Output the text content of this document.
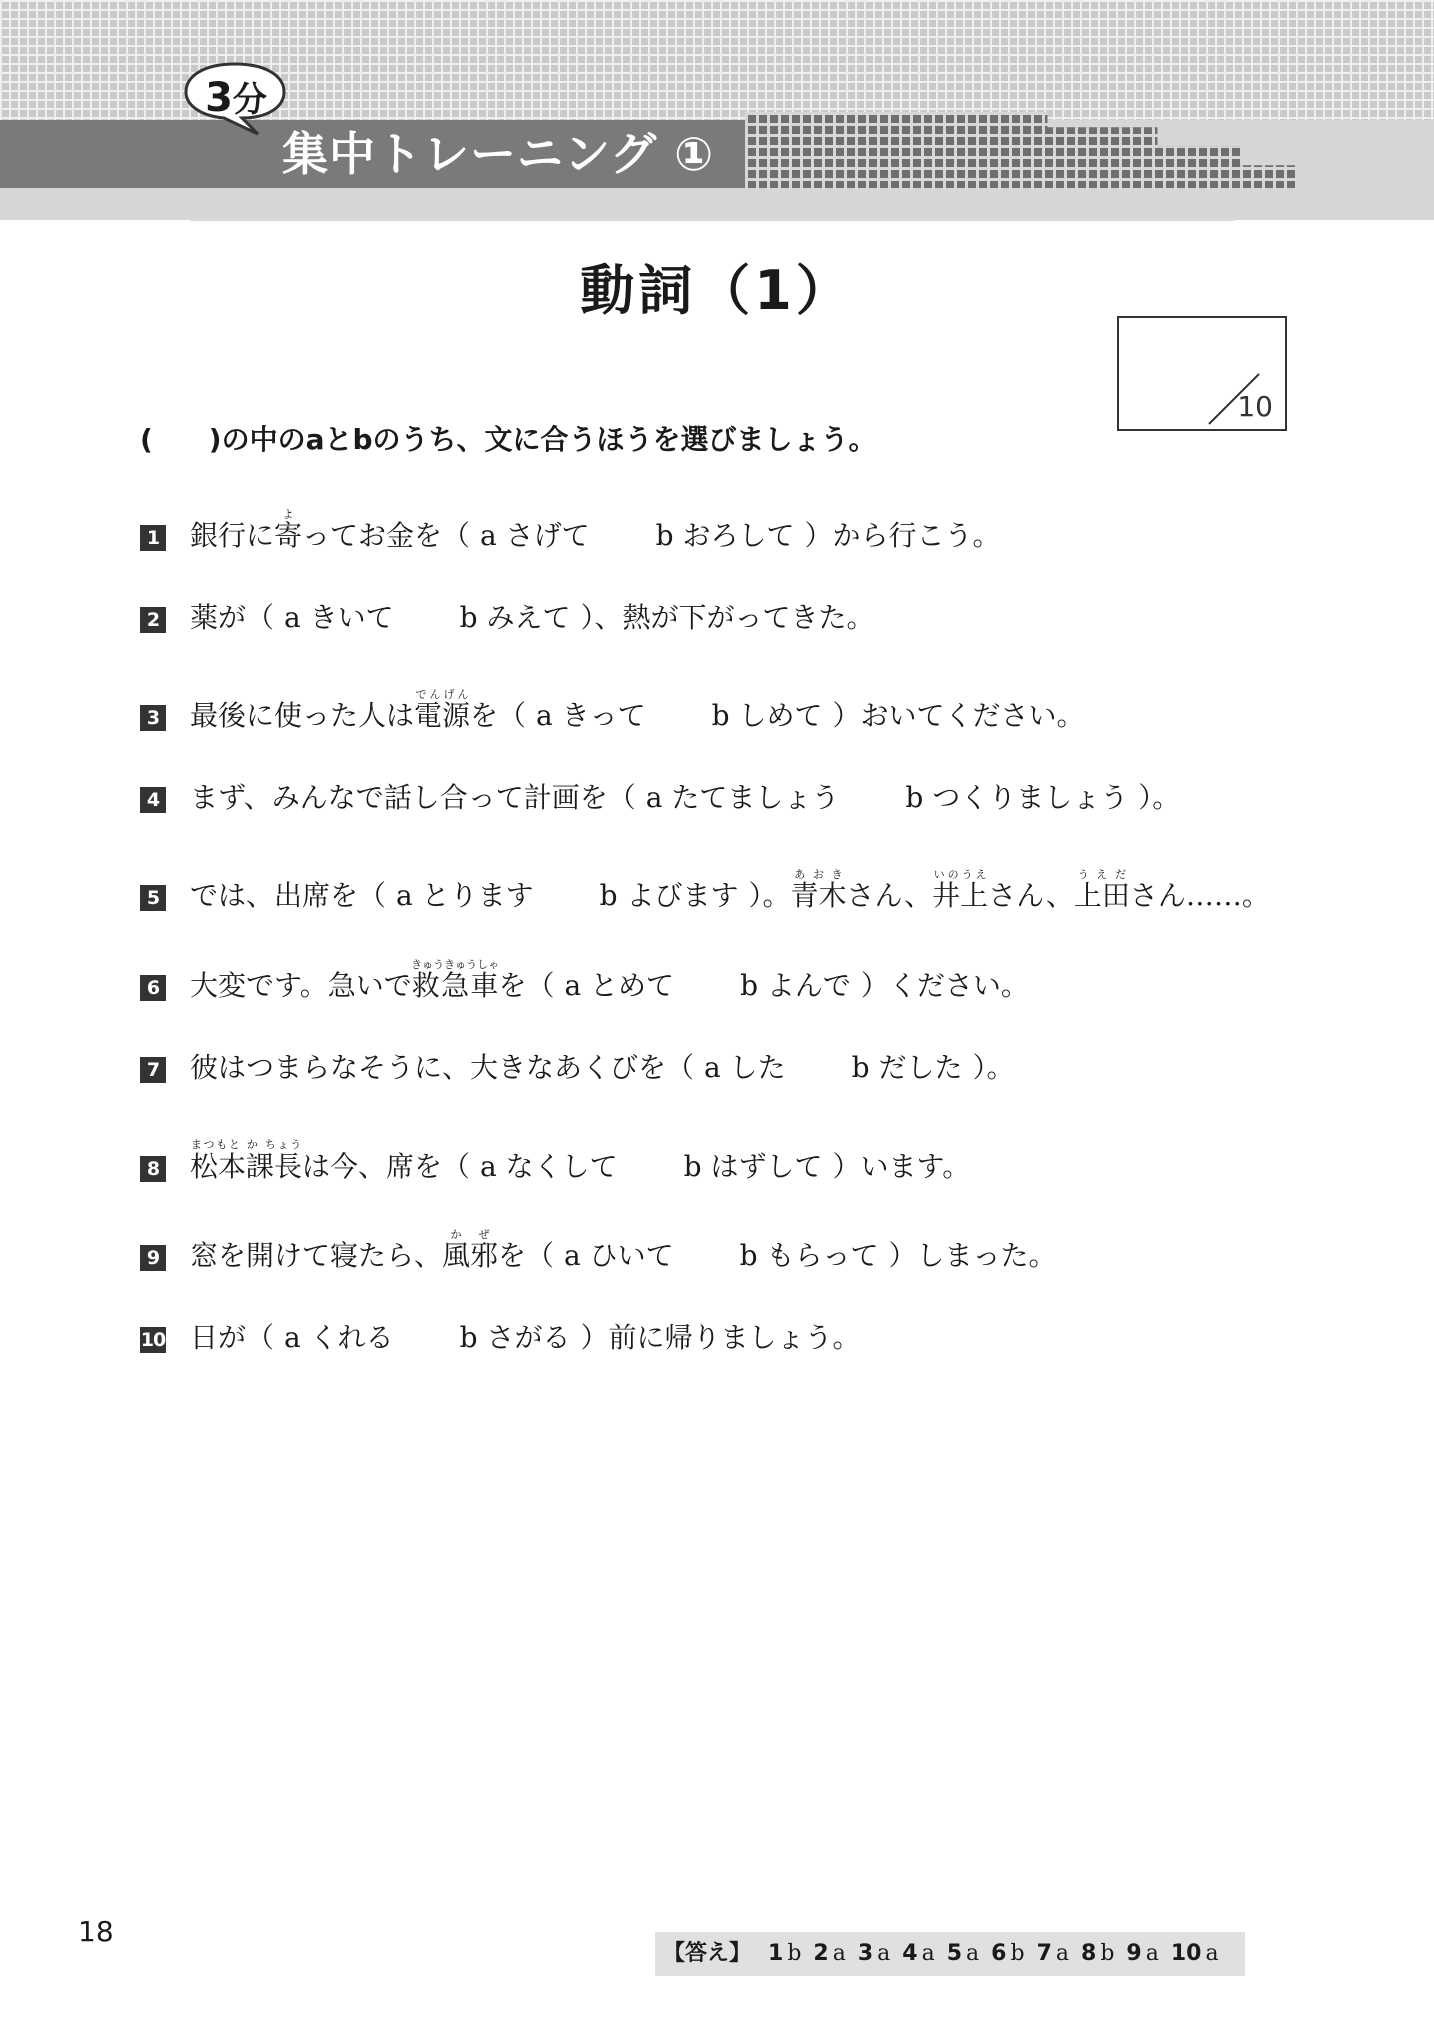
集中トレーニング ①
3分
動詞（1）
10
(　　)の中のaとbのうち、文に合うほうを選びましょう。
1 銀行に寄よってお金を（ a さげて b おろして ）から行こう。
2 薬が（ a きいて b みえて ）、熱が下がってきた。
3 最後に使った人は電源でんげんを（ a きって b しめて ）おいてください。
4 まず、みんなで話し合って計画を（ a たてましょう b つくりましょう ）。
5 では、出席を（ a とります b よびます ）。青木あおきさん、井上いのうえさん、上田うえださん……。
6 大変です。急いで救急車きゅうきゅうしゃを（ a とめて b よんで ）ください。
7 彼はつまらなそうに、大きなあくびを（ a した b だした ）。
8 松本課長まつもと か ちょうは今、席を（ a なくして b はずして ）います。
9 窓を開けて寝たら、風邪かぜを（ a ひいて b もらって ）しまった。
10 日が（ a くれる b さがる ）前に帰りましょう。
18
【答え】 1 b 2 a 3 a 4 a 5 a 6 b 7 a 8 b 9 a 10 a
